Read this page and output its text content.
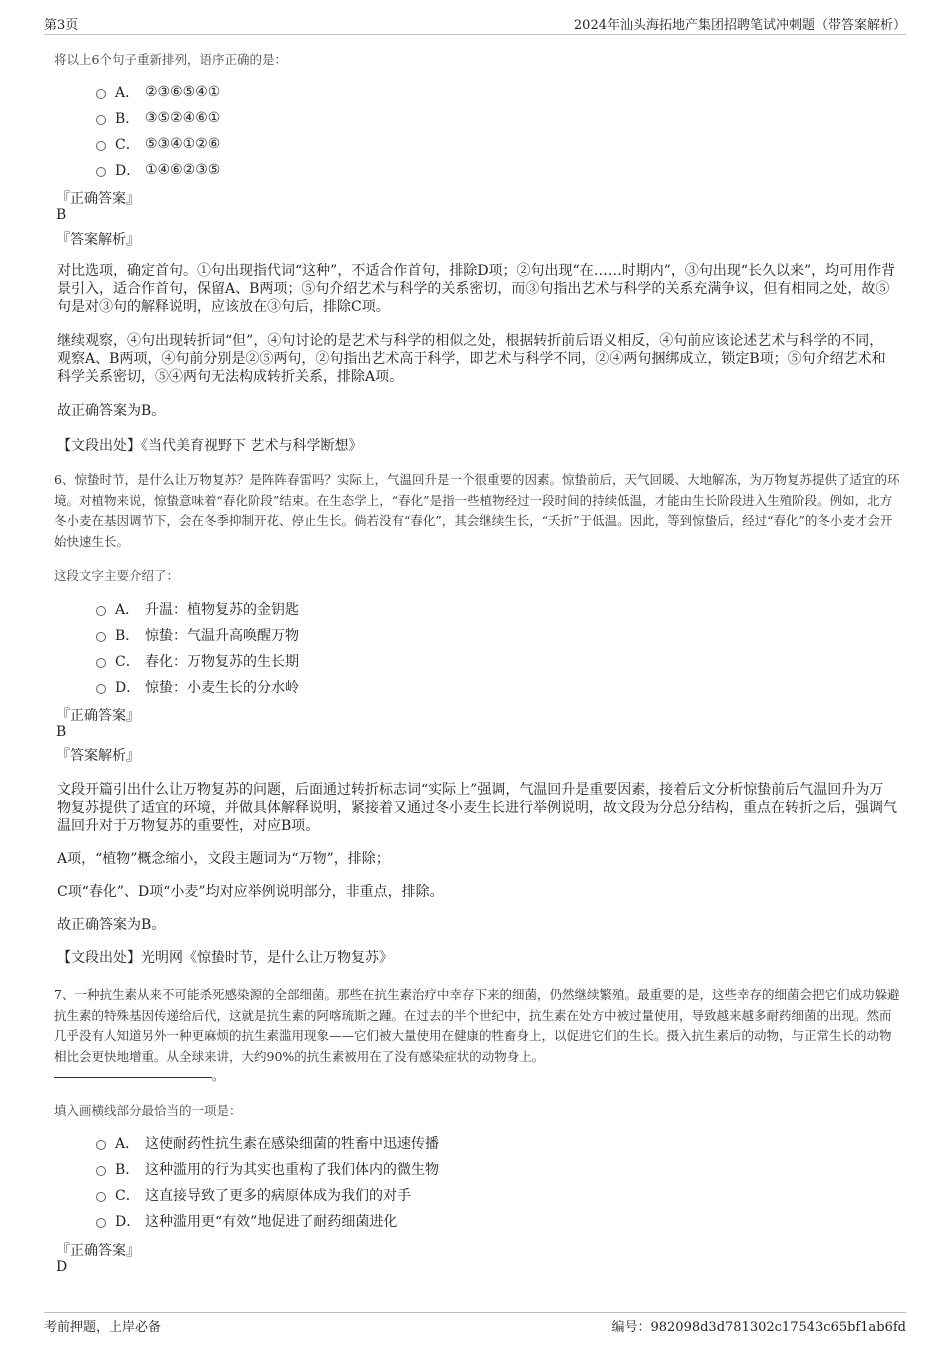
第3页	2024年汕头海拓地产集团招聘笔试冲刺题（带答案解析）
将以上6个句子重新排列，语序正确的是：
A． ②③⑥⑤④①
B． ③⑤②④⑥①
C． ⑤③④①②⑥
D． ①④⑥②③⑤
『正确答案』
B
『答案解析』
对比选项，确定首句。①句出现指代词“这种”，不适合作首句，排除D项；②句出现“在……时期内”，③句出现“长久以来”，均可用作背景引入，适合作首句，保留A、B两项；⑤句介绍艺术与科学的关系密切，而③句指出艺术与科学的关系充满争议，但有相同之处，故⑤句是对③句的解释说明，应该放在③句后，排除C项。
继续观察，④句出现转折词“但”，④句讨论的是艺术与科学的相似之处，根据转折前后语义相反，④句前应该论述艺术与科学的不同，观察A、B两项，④句前分别是②⑤两句，②句指出艺术高于科学，即艺术与科学不同，②④两句捆绑成立，锁定B项；⑤句介绍艺术和科学关系密切，⑤④两句无法构成转折关系，排除A项。
故正确答案为B。
【文段出处】《当代美育视野下 艺术与科学断想》
6、惊蛰时节，是什么让万物复苏？是阵阵春雷吗？实际上，气温回升是一个很重要的因素。惊蛰前后，天气回暖、大地解冻，为万物复苏提供了适宜的环境。对植物来说，惊蛰意味着“春化阶段”结束。在生态学上，“春化”是指一些植物经过一段时间的持续低温，才能由生长阶段进入生殖阶段。例如，北方冬小麦在基因调节下，会在冬季抑制开花、停止生长。倘若没有“春化”，其会继续生长，“夭折”于低温。因此，等到惊蛰后，经过“春化”的冬小麦才会开始快速生长。
这段文字主要介绍了：
A． 升温：植物复苏的金钥匙
B． 惊蛰：气温升高唤醒万物
C． 春化：万物复苏的生长期
D． 惊蛰：小麦生长的分水岭
『正确答案』
B
『答案解析』
文段开篇引出什么让万物复苏的问题，后面通过转折标志词“实际上”强调，气温回升是重要因素，接着后文分析惊蛰前后气温回升为万物复苏提供了适宜的环境，并做具体解释说明，紧接着又通过冬小麦生长进行举例说明，故文段为分总分结构，重点在转折之后，强调气温回升对于万物复苏的重要性，对应B项。
A项，“植物”概念缩小，文段主题词为“万物”，排除；
C项“春化”、D项“小麦”均对应举例说明部分，非重点，排除。
故正确答案为B。
【文段出处】光明网《惊蛰时节，是什么让万物复苏》
7、一种抗生素从来不可能杀死感染源的全部细菌。那些在抗生素治疗中幸存下来的细菌，仍然继续繁殖。最重要的是，这些幸存的细菌会把它们成功躲避抗生素的特殊基因传递给后代，这就是抗生素的阿喀琉斯之踵。在过去的半个世纪中，抗生素在处方中被过量使用，导致越来越多耐药细菌的出现。然而几乎没有人知道另外一种更麻烦的抗生素滥用现象——它们被大量使用在健康的牲畜身上，以促进它们的生长。摄入抗生素后的动物，与正常生长的动物相比会更快地增重。从全球来讲，大约90%的抗生素被用在了没有感染症状的动物身上。
。
填入画横线部分最恰当的一项是：
A． 这使耐药性抗生素在感染细菌的牲畜中迅速传播
B． 这种滥用的行为其实也重构了我们体内的微生物
C． 这直接导致了更多的病原体成为我们的对手
D． 这种滥用更“有效”地促进了耐药细菌进化
『正确答案』
D
考前押题，上岸必备	编号：982098d3d781302c17543c65bf1ab6fd
